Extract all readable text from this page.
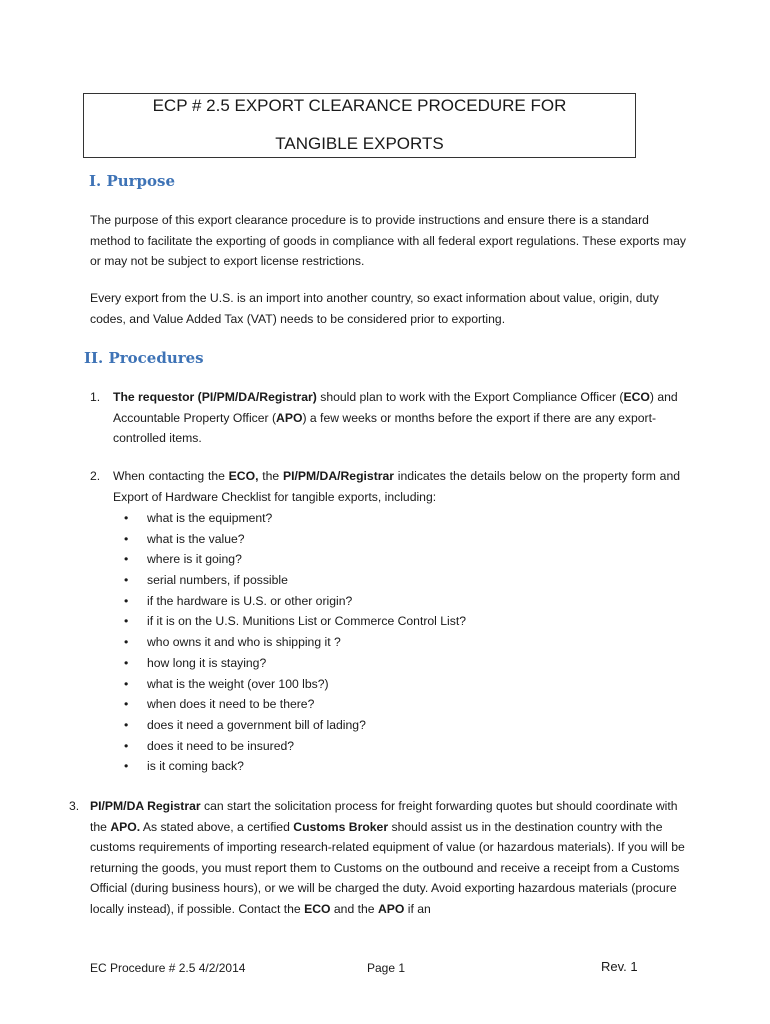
ECP # 2.5 EXPORT CLEARANCE PROCEDURE FOR
TANGIBLE EXPORTS
I. Purpose
The purpose of this export clearance procedure is to provide instructions and ensure there is a standard method to facilitate the exporting of goods in compliance with all federal export regulations. These exports may or may not be subject to export license restrictions.
Every export from the U.S. is an import into another country, so exact information about value, origin, duty codes, and Value Added Tax (VAT) needs to be considered prior to exporting.
II. Procedures
1. The requestor (PI/PM/DA/Registrar) should plan to work with the Export Compliance Officer (ECO) and Accountable Property Officer (APO) a few weeks or months before the export if there are any export-controlled items.
2. When contacting the ECO, the PI/PM/DA/Registrar indicates the details below on the property form and Export of Hardware Checklist for tangible exports, including:
•	what is the equipment?
•	what is the value?
•	where is it going?
•	serial numbers, if possible
•	if the hardware is U.S. or other origin?
•	if it is on the U.S. Munitions List or Commerce Control List?
•	who owns it and who is shipping it ?
•	how long it is staying?
•	what is the weight (over 100 lbs?)
•	when does it need to be there?
•	does it need a government bill of lading?
•	does it need to be insured?
•	is it coming back?
3. PI/PM/DA Registrar can start the solicitation process for freight forwarding quotes but should coordinate with the APO. As stated above, a certified Customs Broker should assist us in the destination country with the customs requirements of importing research-related equipment of value (or hazardous materials). If you will be returning the goods, you must report them to Customs on the outbound and receive a receipt from a Customs Official (during business hours), or we will be charged the duty. Avoid exporting hazardous materials (procure locally instead), if possible. Contact the ECO and the APO if an
EC Procedure # 2.5 4/2/2014	Page 1	Rev. 1
